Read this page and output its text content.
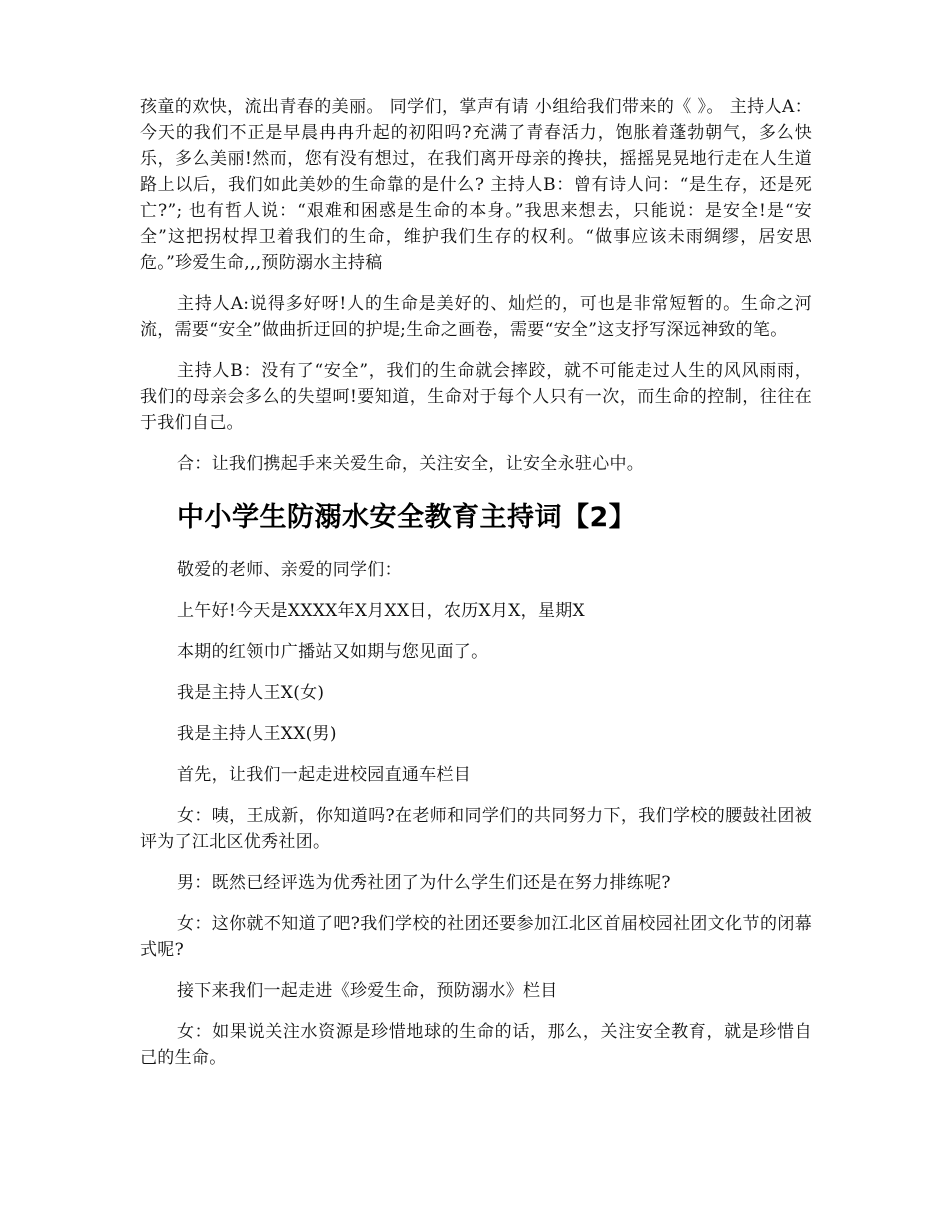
孩童的欢快，流出青春的美丽。 同学们，掌声有请 小组给我们带来的《 》。 主持人A：今天的我们不正是早晨冉冉升起的初阳吗?充满了青春活力，饱胀着蓬勃朝气，多么快乐，多么美丽!然而，您有没有想过，在我们离开母亲的搀扶，摇摇晃晃地行走在人生道路上以后，我们如此美妙的生命靠的是什么? 主持人B：曾有诗人问：“是生存，还是死亡?”; 也有哲人说：“艰难和困惑是生命的本身。”我思来想去，只能说：是安全!是“安全”这把拐杖捍卫着我们的生命，维护我们生存的权利。“做事应该未雨绸缪，居安思危。”珍爱生命,,,预防溺水主持稿

主持人A:说得多好呀!人的生命是美好的、灿烂的，可也是非常短暂的。生命之河流，需要“安全”做曲折迂回的护堤;生命之画卷，需要“安全”这支抒写深远神致的笔。

主持人B：没有了“安全”，我们的生命就会摔跤，就不可能走过人生的风风雨雨，我们的母亲会多么的失望呵!要知道，生命对于每个人只有一次，而生命的控制，往往在于我们自己。

合：让我们携起手来关爱生命，关注安全，让安全永驻心中。

中小学生防溺水安全教育主持词【2】

敬爱的老师、亲爱的同学们：

上午好!今天是XXXX年X月XX日，农历X月X，星期X

本期的红领巾广播站又如期与您见面了。

我是主持人王X(女)

我是主持人王XX(男)

首先，让我们一起走进校园直通车栏目

女：咦，王成新，你知道吗?在老师和同学们的共同努力下，我们学校的腰鼓社团被评为了江北区优秀社团。

男：既然已经评选为优秀社团了为什么学生们还是在努力排练呢?

女：这你就不知道了吧?我们学校的社团还要参加江北区首届校园社团文化节的闭幕式呢?

接下来我们一起走进《珍爱生命，预防溺水》栏目

女：如果说关注水资源是珍惜地球的生命的话，那么，关注安全教育，就是珍惜自己的生命。
